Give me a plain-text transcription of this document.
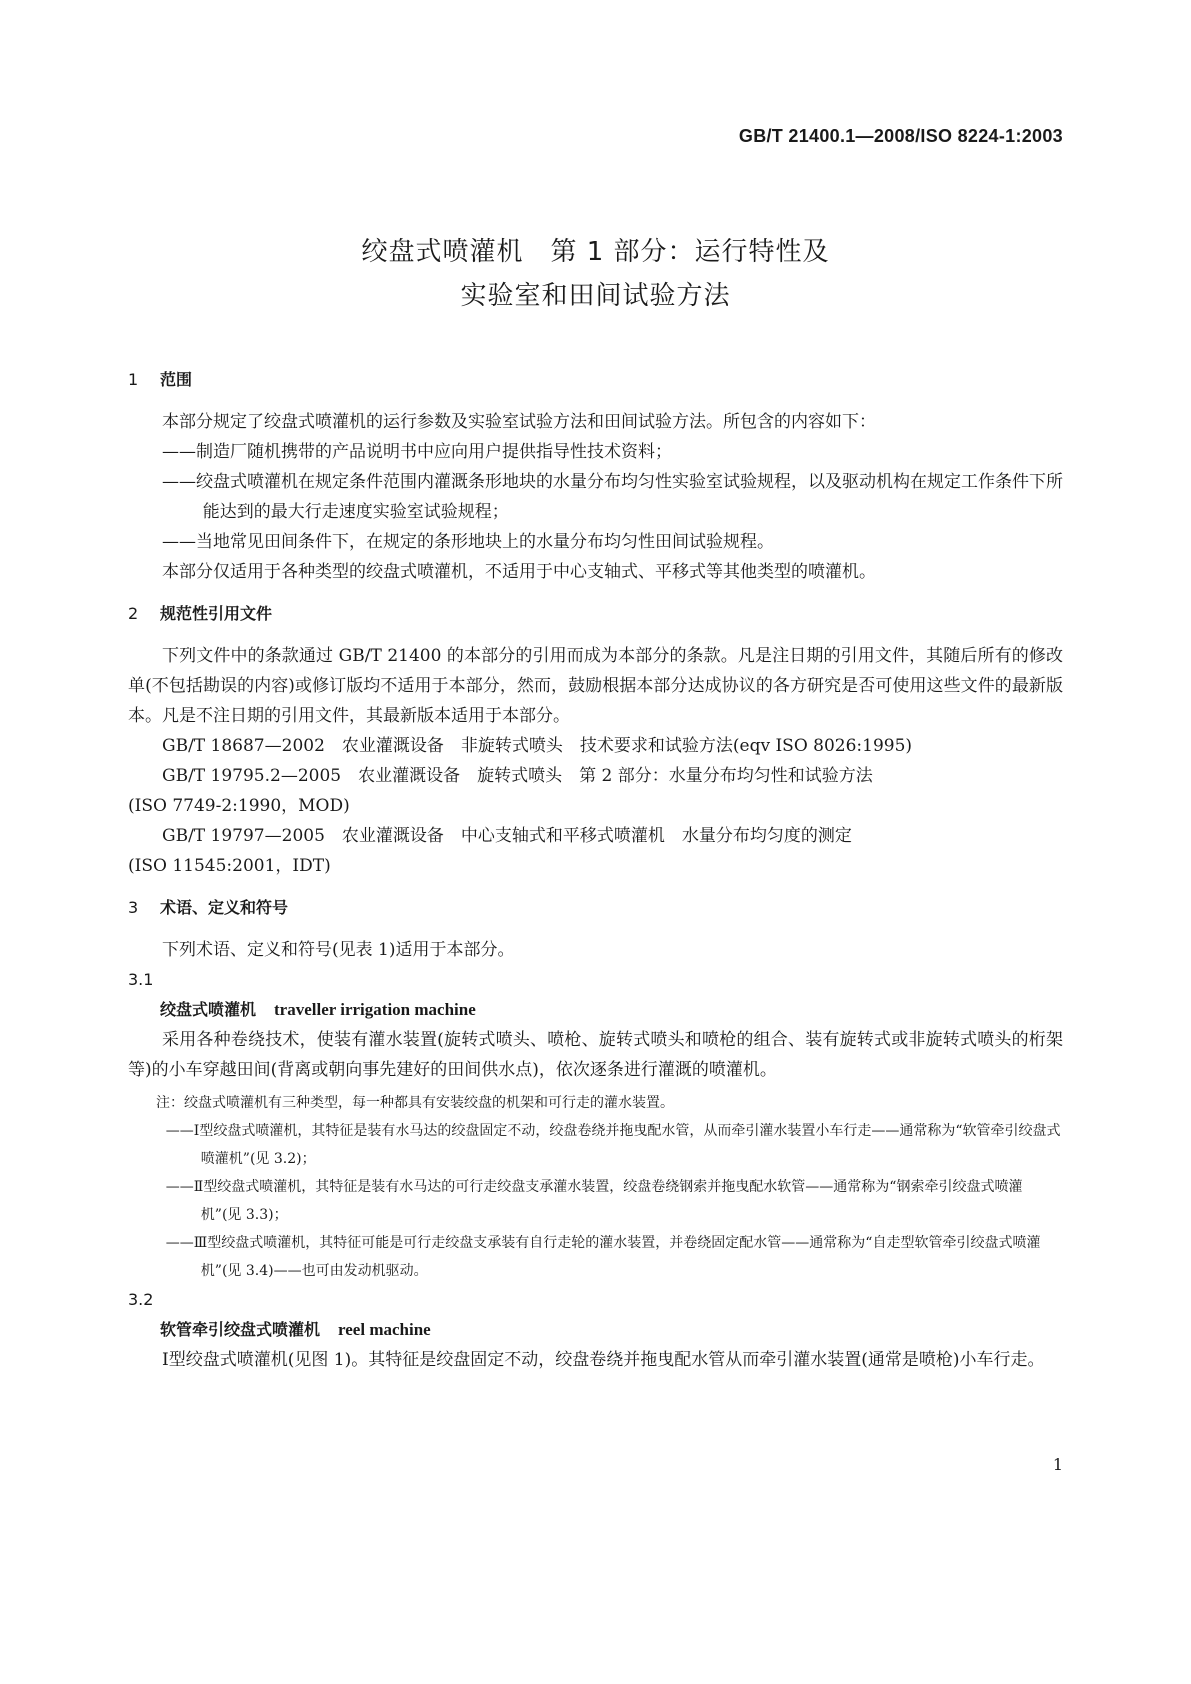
GB/T 21400.1—2008/ISO 8224-1:2003
绞盘式喷灌机　第 1 部分：运行特性及
实验室和田间试验方法

1 范围

本部分规定了绞盘式喷灌机的运行参数及实验室试验方法和田间试验方法。所包含的内容如下：

——制造厂随机携带的产品说明书中应向用户提供指导性技术资料；
——绞盘式喷灌机在规定条件范围内灌溉条形地块的水量分布均匀性实验室试验规程，以及驱动机构在规定工作条件下所能达到的最大行走速度实验室试验规程；
——当地常见田间条件下，在规定的条形地块上的水量分布均匀性田间试验规程。

本部分仅适用于各种类型的绞盘式喷灌机，不适用于中心支轴式、平移式等其他类型的喷灌机。

2 规范性引用文件

下列文件中的条款通过 GB/T 21400 的本部分的引用而成为本部分的条款。凡是注日期的引用文件，其随后所有的修改单(不包括勘误的内容)或修订版均不适用于本部分，然而，鼓励根据本部分达成协议的各方研究是否可使用这些文件的最新版本。凡是不注日期的引用文件，其最新版本适用于本部分。

GB/T 18687—2002　农业灌溉设备　非旋转式喷头　技术要求和试验方法(eqv ISO 8026:1995)

GB/T 19795.2—2005　农业灌溉设备　旋转式喷头　第 2 部分：水量分布均匀性和试验方法

(ISO 7749-2:1990，MOD)

GB/T 19797—2005　农业灌溉设备　中心支轴式和平移式喷灌机　水量分布均匀度的测定

(ISO 11545:2001，IDT)

3 术语、定义和符号

下列术语、定义和符号(见表 1)适用于本部分。

3.1

绞盘式喷灌机 traveller irrigation machine

采用各种卷绕技术，使装有灌水装置(旋转式喷头、喷枪、旋转式喷头和喷枪的组合、装有旋转式或非旋转式喷头的桁架等)的小车穿越田间(背离或朝向事先建好的田间供水点)，依次逐条进行灌溉的喷灌机。

注：绞盘式喷灌机有三种类型，每一种都具有安装绞盘的机架和可行走的灌水装置。

——Ⅰ型绞盘式喷灌机，其特征是装有水马达的绞盘固定不动，绞盘卷绕并拖曳配水管，从而牵引灌水装置小车行走——通常称为“软管牵引绞盘式喷灌机”(见 3.2)；

——Ⅱ型绞盘式喷灌机，其特征是装有水马达的可行走绞盘支承灌水装置，绞盘卷绕钢索并拖曳配水软管——通常称为“钢索牵引绞盘式喷灌机”(见 3.3)；

——Ⅲ型绞盘式喷灌机，其特征可能是可行走绞盘支承装有自行走轮的灌水装置，并卷绕固定配水管——通常称为“自走型软管牵引绞盘式喷灌机”(见 3.4)——也可由发动机驱动。

3.2

软管牵引绞盘式喷灌机 reel machine

Ⅰ型绞盘式喷灌机(见图 1)。其特征是绞盘固定不动，绞盘卷绕并拖曳配水管从而牵引灌水装置(通常是喷枪)小车行走。

1
